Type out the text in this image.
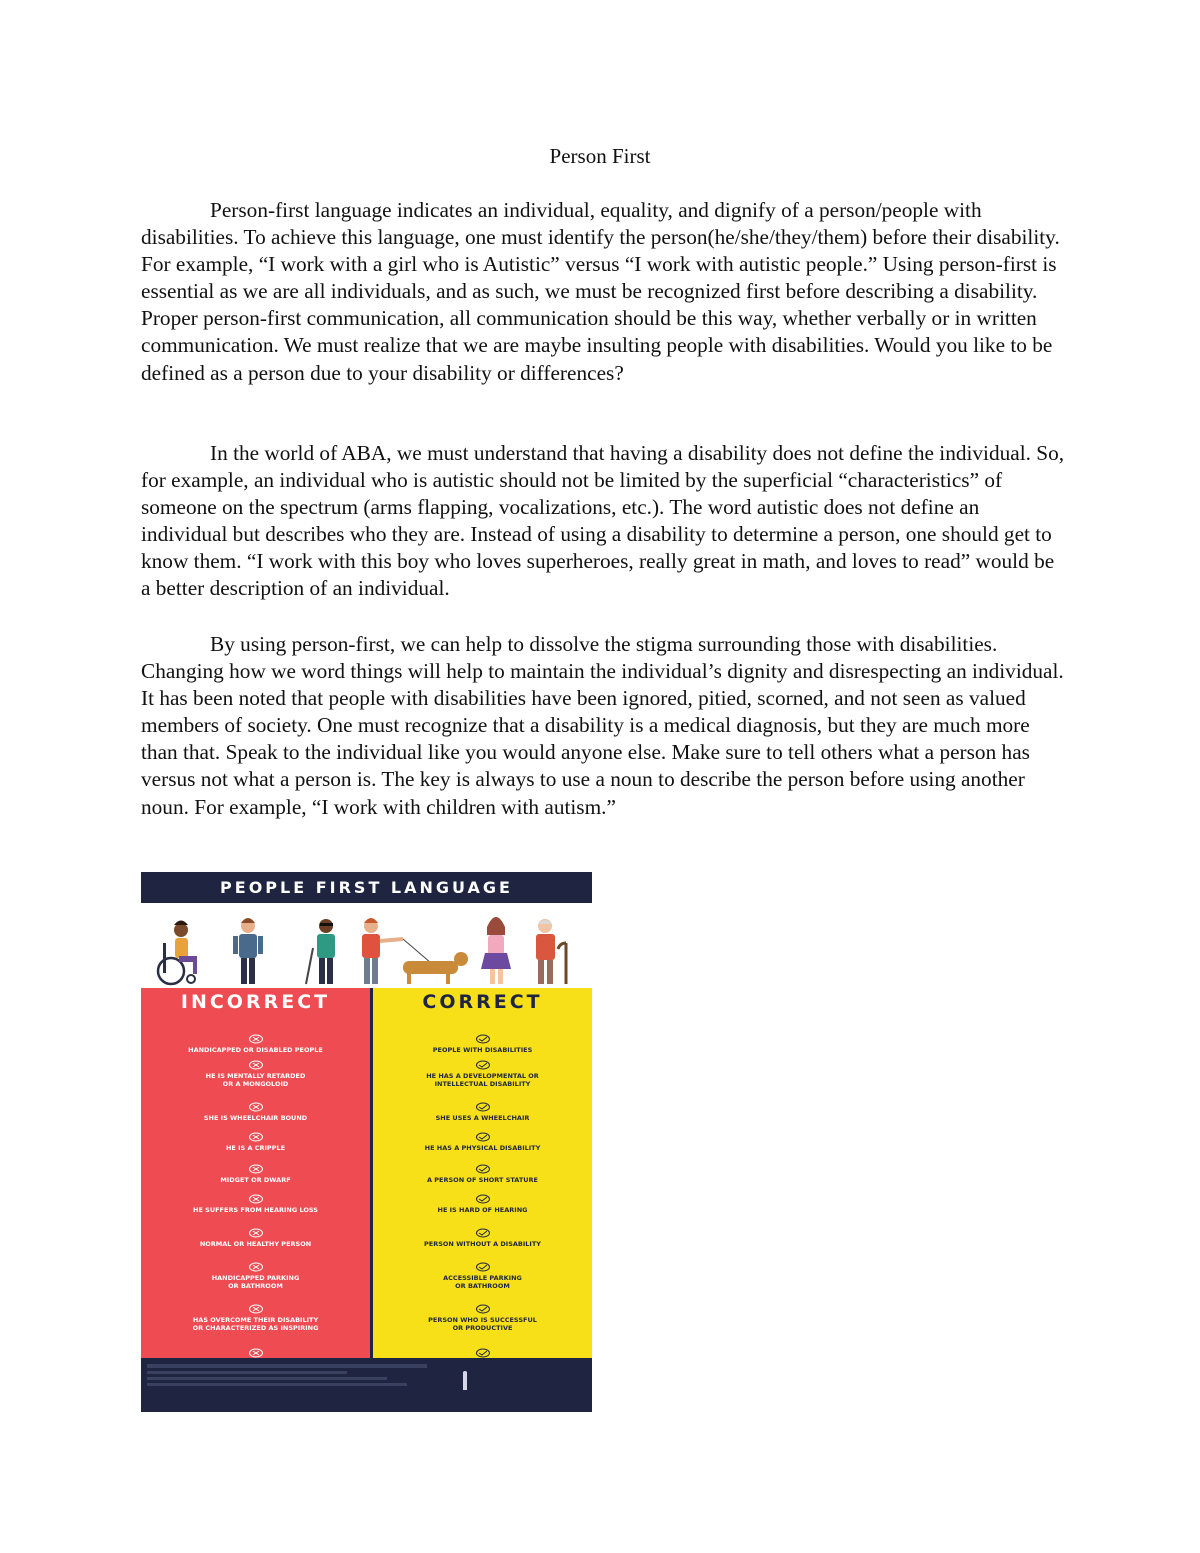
Person First

Person-first language indicates an individual, equality, and dignify of a person/people with disabilities. To achieve this language, one must identify the person(he/she/they/them) before their disability. For example, “I work with a girl who is Autistic” versus “I work with autistic people.” Using person-first is essential as we are all individuals, and as such, we must be recognized first before describing a disability. Proper person-first communication, all communication should be this way, whether verbally or in written communication. We must realize that we are maybe insulting people with disabilities. Would you like to be defined as a person due to your disability or differences?

In the world of ABA, we must understand that having a disability does not define the individual. So, for example, an individual who is autistic should not be limited by the superficial “characteristics” of someone on the spectrum (arms flapping, vocalizations, etc.). The word autistic does not define an individual but describes who they are. Instead of using a disability to determine a person, one should get to know them. “I work with this boy who loves superheroes, really great in math, and loves to read” would be a better description of an individual.

By using person-first, we can help to dissolve the stigma surrounding those with disabilities. Changing how we word things will help to maintain the individual’s dignity and disrespecting an individual. It has been noted that people with disabilities have been ignored, pitied, scorned, and not seen as valued members of society. One must recognize that a disability is a medical diagnosis, but they are much more than that. Speak to the individual like you would anyone else. Make sure to tell others what a person has versus not what a person is. The key is always to use a noun to describe the person before using another noun. For example, “I work with children with autism.”

PEOPLE FIRST LANGUAGE
INCORRECT
HANDICAPPED OR DISABLED PEOPLE
HE IS MENTALLY RETARDED
OR A MONGOLOID
SHE IS WHEELCHAIR BOUND
HE IS A CRIPPLE
MIDGET OR DWARF
HE SUFFERS FROM HEARING LOSS
NORMAL OR HEALTHY PERSON
HANDICAPPED PARKING
OR BATHROOM
HAS OVERCOME THEIR DISABILITY
OR CHARACTERIZED AS INSPIRING
CORRECT
PEOPLE WITH DISABILITIES
HE HAS A DEVELOPMENTAL OR
INTELLECTUAL DISABILITY
SHE USES A WHEELCHAIR
HE HAS A PHYSICAL DISABILITY
A PERSON OF SHORT STATURE
HE IS HARD OF HEARING
PERSON WITHOUT A DISABILITY
ACCESSIBLE PARKING
OR BATHROOM
PERSON WHO IS SUCCESSFUL
OR PRODUCTIVE
